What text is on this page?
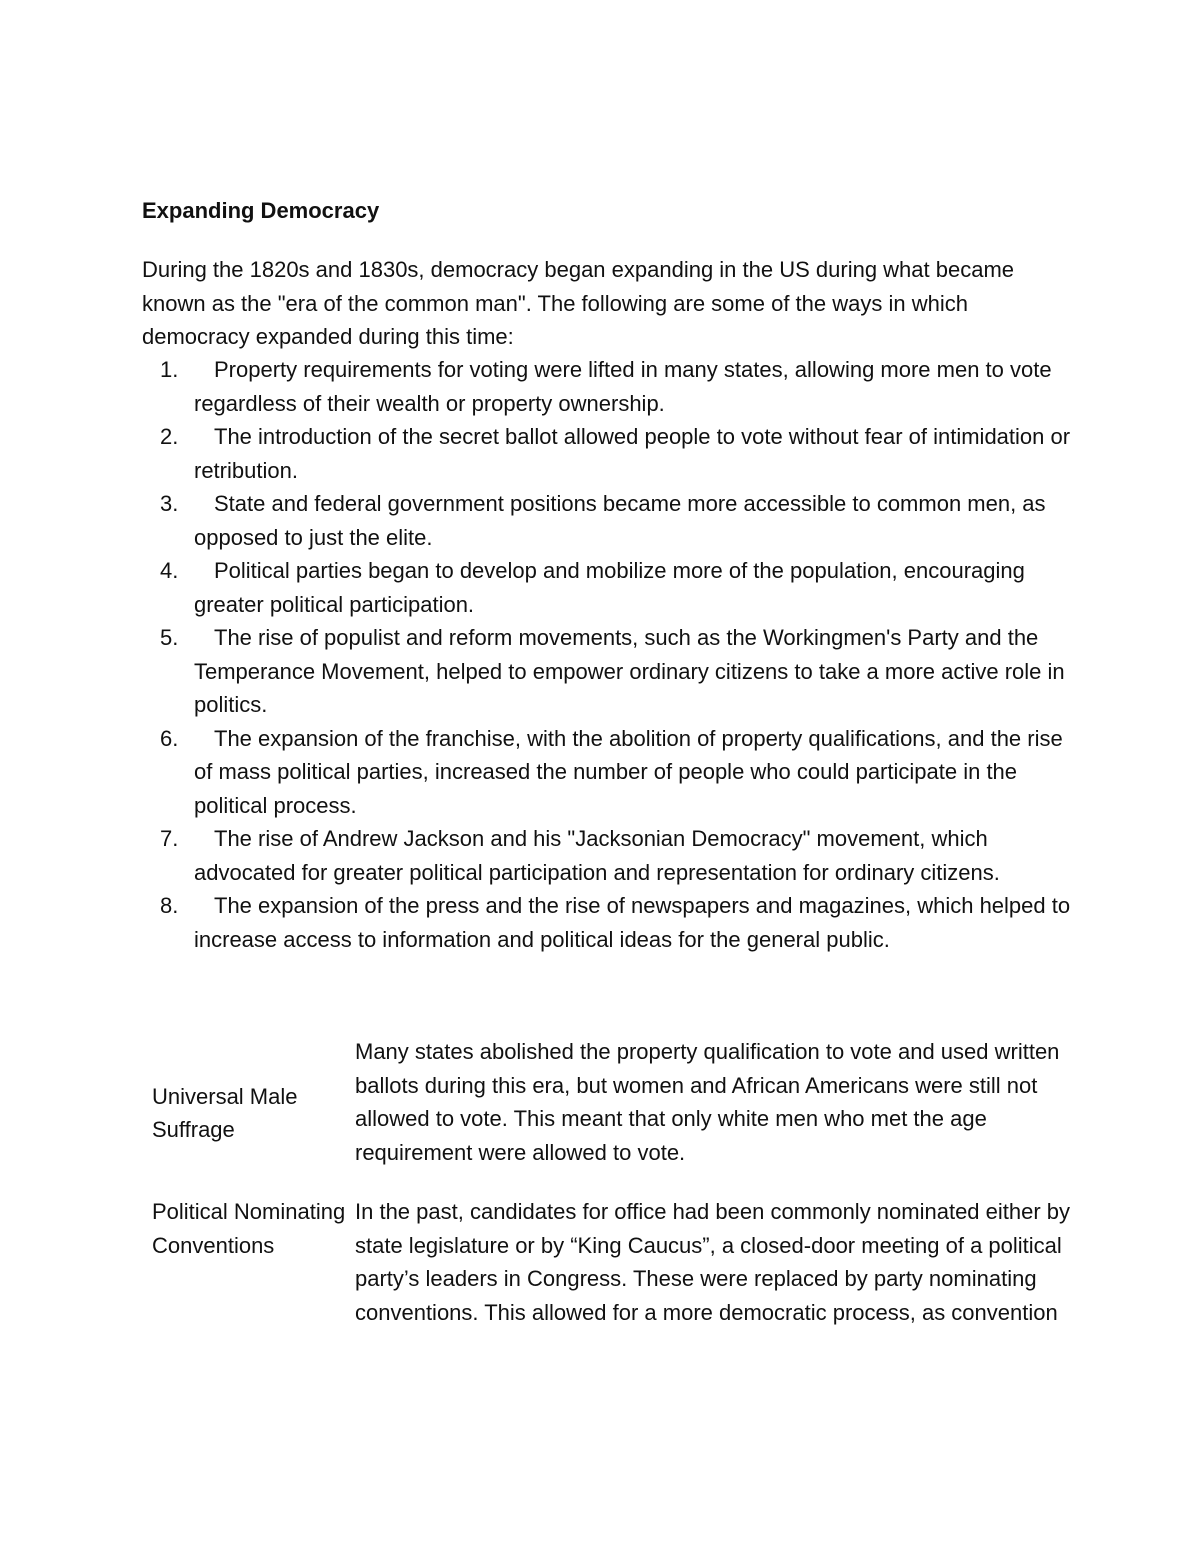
Expanding Democracy

During the 1820s and 1830s, democracy began expanding in the US during what became known as the "era of the common man". The following are some of the ways in which democracy expanded during this time:

1.	Property requirements for voting were lifted in many states, allowing more men to vote regardless of their wealth or property ownership.
2.	The introduction of the secret ballot allowed people to vote without fear of intimidation or retribution.
3.	State and federal government positions became more accessible to common men, as opposed to just the elite.
4.	Political parties began to develop and mobilize more of the population, encouraging greater political participation.
5.	The rise of populist and reform movements, such as the Workingmen's Party and the Temperance Movement, helped to empower ordinary citizens to take a more active role in politics.
6.	The expansion of the franchise, with the abolition of property qualifications, and the rise of mass political parties, increased the number of people who could participate in the political process.
7.	The rise of Andrew Jackson and his "Jacksonian Democracy" movement, which advocated for greater political participation and representation for ordinary citizens.
8.	The expansion of the press and the rise of newspapers and magazines, which helped to increase access to information and political ideas for the general public.
Universal Male Suffrage	Many states abolished the property qualification to vote and used written ballots during this era, but women and African Americans were still not allowed to vote. This meant that only white men who met the age requirement were allowed to vote.
Political Nominating Conventions	In the past, candidates for office had been commonly nominated either by state legislature or by “King Caucus”, a closed-door meeting of a political party’s leaders in Congress. These were replaced by party nominating conventions. This allowed for a more democratic process, as convention
